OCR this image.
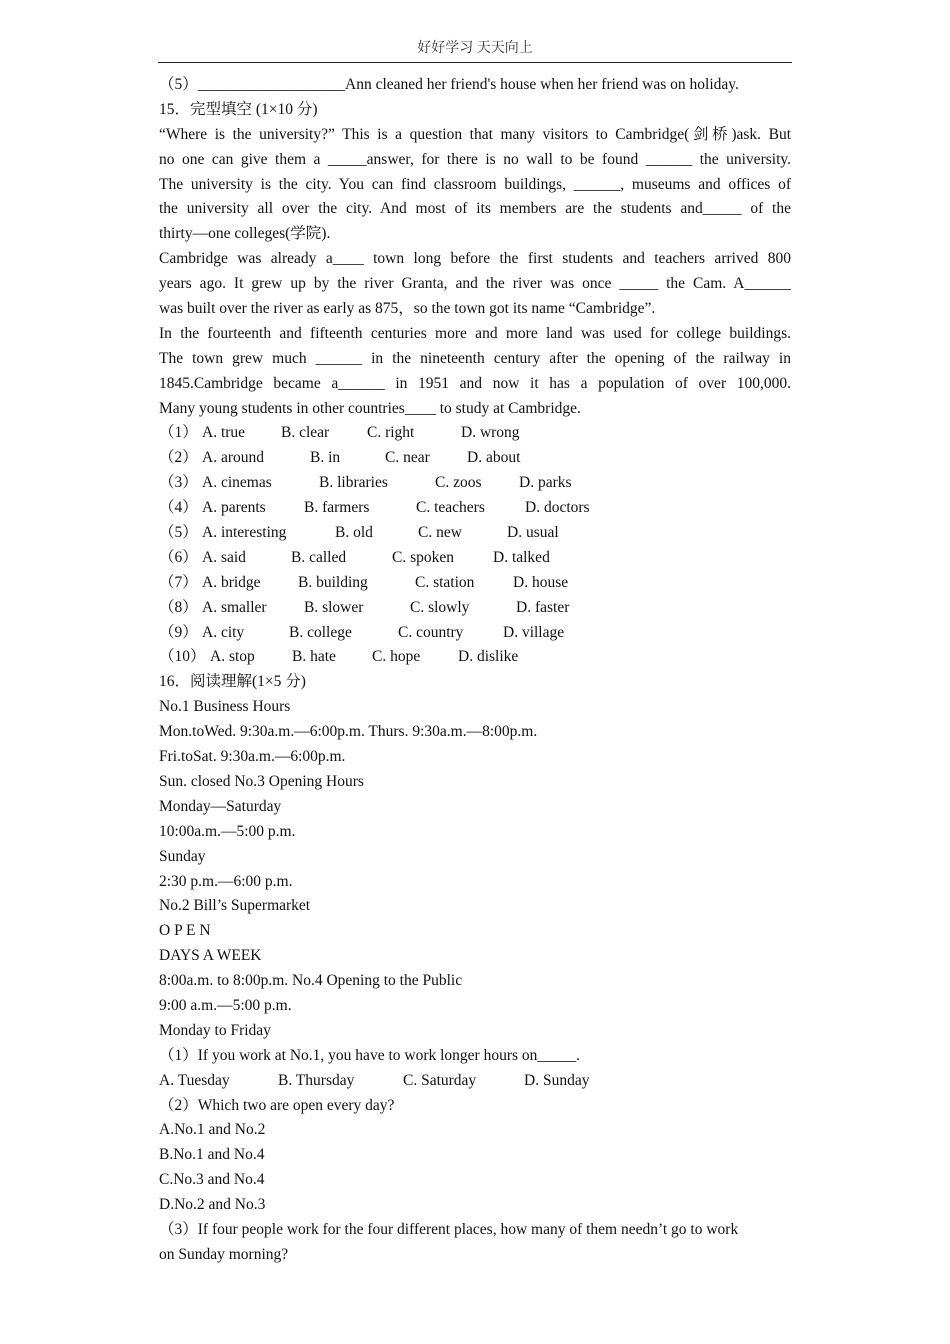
好好学习 天天向上
（5）___________________Ann cleaned her friend's house when her friend was on holiday.
15．完型填空 (1×10 分)
“Where is the university?” This is a question that many visitors to Cambridge(剑桥)ask. But
no one can give them a _____answer, for there is no wall to be found ______ the university.
The university is the city. You can find classroom buildings, ______, museums and offices of
the university all over the city. And most of its members are the students and_____ of the
thirty—one colleges(学院).
Cambridge was already a____ town long before the first students and teachers arrived 800
years ago. It grew up by the river Granta, and the river was once _____ the Cam. A______
was built over the river as early as 875，so the town got its name “Cambridge”.
In the fourteenth and fifteenth centuries more and more land was used for college buildings.
The town grew much ______ in the nineteenth century after the opening of the railway in
1845.Cambridge became a______ in 1951 and now it has a population of over 100,000.
Many young students in other countries____ to study at Cambridge.
（1） A. true	B. clear	C. right	D. wrong
（2） A. around	B. in	C. near	D. about
（3） A. cinemas	B. libraries	C. zoos	D. parks
（4） A. parents	B. farmers	C. teachers	D. doctors
（5） A. interesting	B. old	C. new	D. usual
（6） A. said	B. called	C. spoken	D. talked
（7） A. bridge	B. building	C. station	D. house
（8） A. smaller	B. slower	C. slowly	D. faster
（9） A. city	B. college	C. country	D. village
（10） A. stop	B. hate	C. hope	D. dislike
16．阅读理解(1×5 分)
No.1 Business Hours
Mon.toWed. 9:30a.m.—6:00p.m. Thurs. 9:30a.m.—8:00p.m.
Fri.toSat. 9:30a.m.—6:00p.m.
Sun. closed No.3 Opening Hours
Monday—Saturday
10:00a.m.—5:00 p.m.
Sunday
2:30 p.m.—6:00 p.m.
No.2 Bill’s Supermarket
O P E N
DAYS A WEEK
8:00a.m. to 8:00p.m. No.4 Opening to the Public
9:00 a.m.—5:00 p.m.
Monday to Friday
（1）If you work at No.1, you have to work longer hours on_____.
A. Tuesday	B. Thursday	C. Saturday	D. Sunday
（2）Which two are open every day?
A.No.1 and No.2
B.No.1 and No.4
C.No.3 and No.4
D.No.2 and No.3
（3）If four people work for the four different places, how many of them needn’t go to work
on Sunday morning?
